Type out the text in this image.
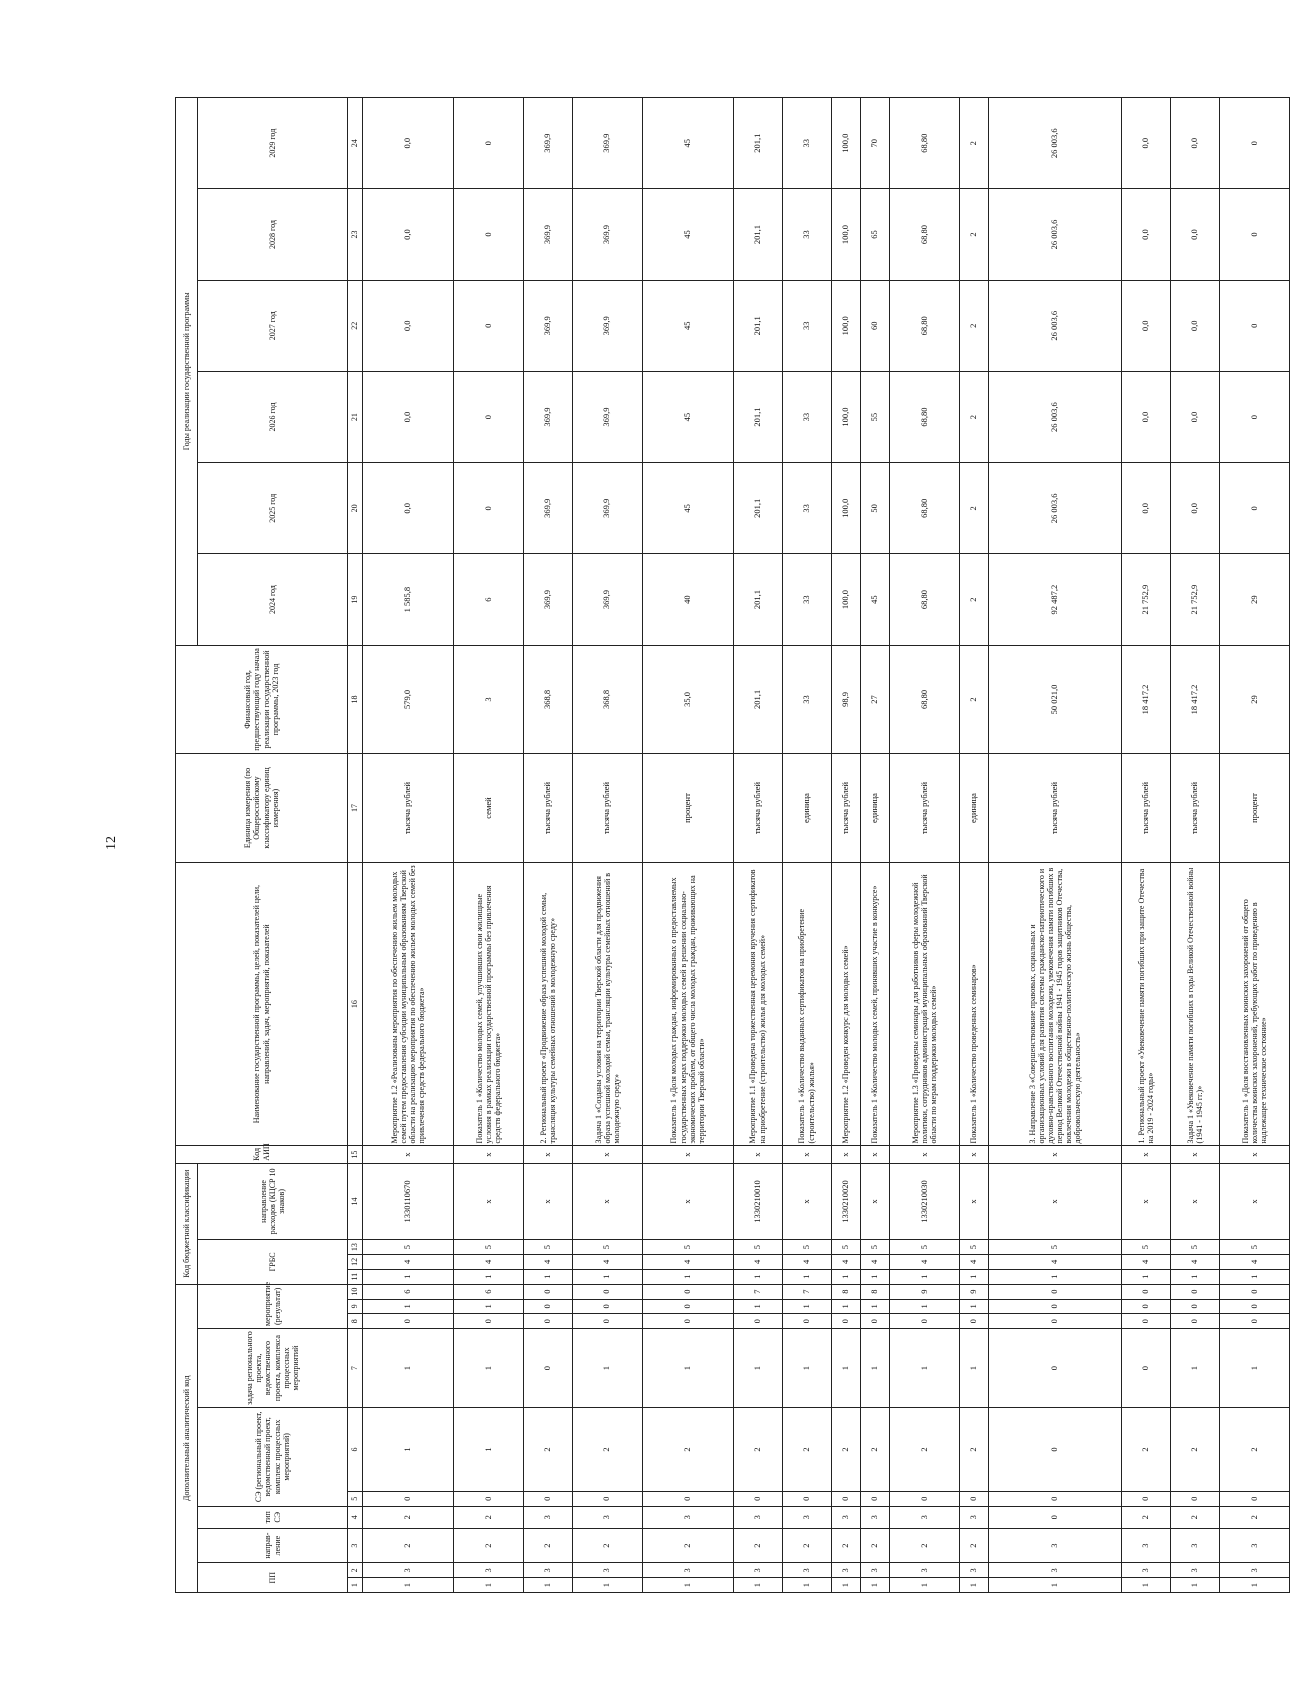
12
Дополнительный аналитический код										Код бюджетной классификации				Код АИП	Наименование государственной программы, целей, показателей цели, направлений, задач, мероприятий, показателей	Единица измерения (по Общероссийскому классификатору единиц измерения)	Финансовый год, предшествующий году начала реализации государственной программы, 2023 год	Годы реализации государственной программы					
ПП		направ-ление	тип СЭ	СЭ (региональный проект, ведомственный проект, комплекс процессных мероприятий)		задача регионального проекта, ведомственного проекта, комплекса процессных мероприятий	мероприятие (результат)			ГРБС			направление расходов (КЦСР 10 знаков)					2024 год	2025 год	2026 год	2027 год	2028 год	2029 год
1	2	3	4	5	6	7	8	9	10	11	12	13	14	15	16	17	18	19	20	21	22	23	24
1	3	2	2	0	1	1	0	1	6	1	4	5	1330110670	х	Мероприятие 1.2 «Реализованы мероприятия по обеспечению жильем молодых семей путем предоставления субсидии муниципальным образованиям Тверской области на реализацию мероприятия по обеспечению жильем молодых семей без привлечения средств федерального бюджета»	тысяча рублей	579,0	1 585,8	0,0	0,0	0,0	0,0	0,0
1	3	2	2	0	1	1	0	1	6	1	4	5	х	х	Показатель 1 «Количество молодых семей, улучшивших свои жилищные условия в рамках реализации государственной программы без привлечения средств федерального бюджета»	семей	3	6	0	0	0	0	0
1	3	2	3	0	2	0	0	0	0	1	4	5	х	х	2. Региональный проект «Продвижение образа успешной молодой семьи, трансляция культуры семейных отношений в молодежную среду»	тысяча рублей	368,8	369,9	369,9	369,9	369,9	369,9	369,9
1	3	2	3	0	2	1	0	0	0	1	4	5	х	х	Задача 1 «Созданы условия на территории Тверской области для продвижения образа успешной молодой семьи, трансляции культуры семейных отношений в молодежную среду»	тысяча рублей	368,8	369,9	369,9	369,9	369,9	369,9	369,9
1	3	2	3	0	2	1	0	0	0	1	4	5	х	х	Показатель 1 «Доля молодых граждан, информированных о предоставляемых государственных мерах поддержки молодых семей в решении социально-экономических проблем, от общего числа молодых граждан, проживающих на территории Тверской области»	процент	35,0	40	45	45	45	45	45
1	3	2	3	0	2	1	0	1	7	1	4	5	1330210010	х	Мероприятие 1.1 «Проведена торжественная церемония вручения сертификатов на приобретение (строительство) жилья для молодых семей»	тысяча рублей	201,1	201,1	201,1	201,1	201,1	201,1	201,1
1	3	2	3	0	2	1	0	1	7	1	4	5	х	х	Показатель 1 «Количество выданных сертификатов на приобретение (строительство) жилья»	единица	33	33	33	33	33	33	33
1	3	2	3	0	2	1	0	1	8	1	4	5	1330210020	х	Мероприятие 1.2 «Проведен конкурс для молодых семей»	тысяча рублей	98,9	100,0	100,0	100,0	100,0	100,0	100,0
1	3	2	3	0	2	1	0	1	8	1	4	5	х	х	Показатель 1 «Количество молодых семей, принявших участие в конкурсе»	единица	27	45	50	55	60	65	70
1	3	2	3	0	2	1	0	1	9	1	4	5	1330210030	х	Мероприятие 1.3 «Проведены семинары для работников сферы молодежной политики, сотрудников администраций муниципальных образований Тверской области по мерам поддержки молодых семей»	тысяча рублей	68,80	68,80	68,80	68,80	68,80	68,80	68,80
1	3	2	3	0	2	1	0	1	9	1	4	5	х	х	Показатель 1 «Количество проведенных семинаров»	единица	2	2	2	2	2	2	2
1	3	3	0	0	0	0	0	0	0	1	4	5	х	х	3. Направление 3 «Совершенствование правовых, социальных и организационных условий для развития системы гражданско-патриотического и духовно-нравственного воспитания молодежи, увековечения памяти погибших в период Великой Отечественной войны 1941 - 1945 годов защитников Отечества, вовлечения молодежи в общественно-политическую жизнь общества, добровольческую деятельность»	тысяча рублей	50 021,0	92 487,2	26 003,6	26 003,6	26 003,6	26 003,6	26 003,6
1	3	3	2	0	2	0	0	0	0	1	4	5	х	х	1. Региональный проект «Увековечение памяти погибших при защите Отечества на 2019 - 2024 годы»	тысяча рублей	18 417,2	21 752,9	0,0	0,0	0,0	0,0	0,0
1	3	3	2	0	2	1	0	0	0	1	4	5	х	х	Задача 1 «Увековечение памяти погибших в годы Великой Отечественной войны (1941 - 1945 гг.)»	тысяча рублей	18 417,2	21 752,9	0,0	0,0	0,0	0,0	0,0
1	3	3	2	0	2	1	0	0	0	1	4	5	х	х	Показатель 1 «Доля восстановленных воинских захоронений от общего количества воинских захоронений, требующих работ по приведению в надлежащее техническое состояние»	процент	29	29	0	0	0	0	0
